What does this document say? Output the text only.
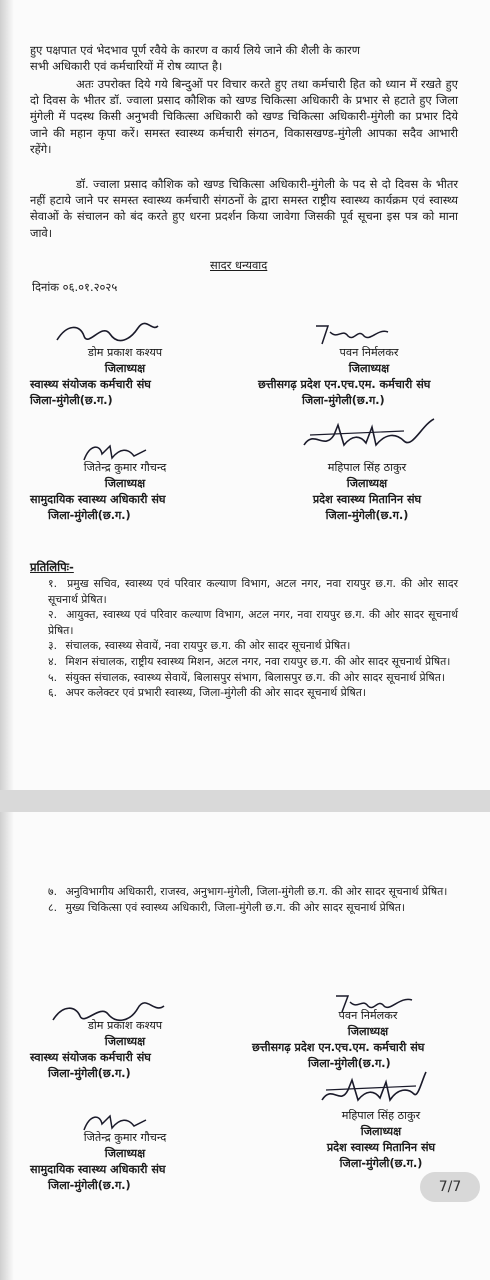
हुए पक्षपात एवं भेदभाव पूर्ण रवैये के कारण व कार्य लिये जाने की शैली के कारण
सभी अधिकारी एवं कर्मचारियों में रोष व्याप्त है।

अतः उपरोक्त दिये गये बिन्दुओं पर विचार करते हुए तथा कर्मचारी हित को ध्यान में रखते हुए दो दिवस के भीतर डॉ. ज्वाला प्रसाद कौशिक को खण्ड चिकित्सा अधिकारी के प्रभार से हटाते हुए जिला मुंगेली में पदस्थ किसी अनुभवी चिकित्सा अधिकारी को खण्ड चिकित्सा अधिकारी-मुंगेली का प्रभार दिये जाने की महान कृपा करें। समस्त स्वास्थ्य कर्मचारी संगठन, विकासखण्ड-मुंगेली आपका सदैव आभारी रहेंगे।

डॉ. ज्वाला प्रसाद कौशिक को खण्ड चिकित्सा अधिकारी-मुंगेली के पद से दो दिवस के भीतर नहीं हटाये जाने पर समस्त स्वास्थ्य कर्मचारी संगठनों के द्वारा समस्त राष्ट्रीय स्वास्थ्य कार्यक्रम एवं स्वास्थ्य सेवाओं के संचालन को बंद करते हुए धरना प्रदर्शन किया जावेगा जिसकी पूर्व सूचना इस पत्र को माना जावे।

सादर धन्यवाद
दिनांक ०६.०१.२०२५
डोम प्रकाश कश्यप
जिलाध्यक्ष
स्वास्थ्य संयोजक कर्मचारी संघ
जिला-मुंगेली(छ.ग.)
पवन निर्मलकर
जिलाध्यक्ष
छत्तीसगढ़ प्रदेश एन.एच.एम. कर्मचारी संघ
जिला-मुंगेली(छ.ग.)
जितेन्द्र कुमार गौचन्द
जिलाध्यक्ष
सामुदायिक स्वास्थ्य अधिकारी संघ
जिला-मुंगेली(छ.ग.)
महिपाल सिंह ठाकुर
जिलाध्यक्ष
प्रदेश स्वास्थ्य मितानिन संघ
जिला-मुंगेली(छ.ग.)
प्रतिलिपिः-
१. प्रमुख सचिव, स्वास्थ्य एवं परिवार कल्याण विभाग, अटल नगर, नवा रायपुर छ.ग. की ओर सादर सूचनार्थ प्रेषित।
२. आयुक्त, स्वास्थ्य एवं परिवार कल्याण विभाग, अटल नगर, नवा रायपुर छ.ग. की ओर सादर सूचनार्थ प्रेषित।
३. संचालक, स्वास्थ्य सेवायें, नवा रायपुर छ.ग. की ओर सादर सूचनार्थ प्रेषित।
४. मिशन संचालक, राष्ट्रीय स्वास्थ्य मिशन, अटल नगर, नवा रायपुर छ.ग. की ओर सादर सूचनार्थ प्रेषित।
५. संयुक्त संचालक, स्वास्थ्य सेवायें, बिलासपुर संभाग, बिलासपुर छ.ग. की ओर सादर सूचनार्थ प्रेषित।
६. अपर कलेक्टर एवं प्रभारी स्वास्थ्य, जिला-मुंगेली की ओर सादर सूचनार्थ प्रेषित।
७. अनुविभागीय अधिकारी, राजस्व, अनुभाग-मुंगेली, जिला-मुंगेली छ.ग. की ओर सादर सूचनार्थ प्रेषित।
८. मुख्य चिकित्सा एवं स्वास्थ्य अधिकारी, जिला-मुंगेली छ.ग. की ओर सादर सूचनार्थ प्रेषित।
डोम प्रकाश कश्यप
जिलाध्यक्ष
स्वास्थ्य संयोजक कर्मचारी संघ
जिला-मुंगेली(छ.ग.)
पवन निर्मलकर
जिलाध्यक्ष
छत्तीसगढ़ प्रदेश एन.एच.एम. कर्मचारी संघ
जिला-मुंगेली(छ.ग.)
जितेन्द्र कुमार गौचन्द
जिलाध्यक्ष
सामुदायिक स्वास्थ्य अधिकारी संघ
जिला-मुंगेली(छ.ग.)
महिपाल सिंह ठाकुर
जिलाध्यक्ष
प्रदेश स्वास्थ्य मितानिन संघ
जिला-मुंगेली(छ.ग.)
7/7
